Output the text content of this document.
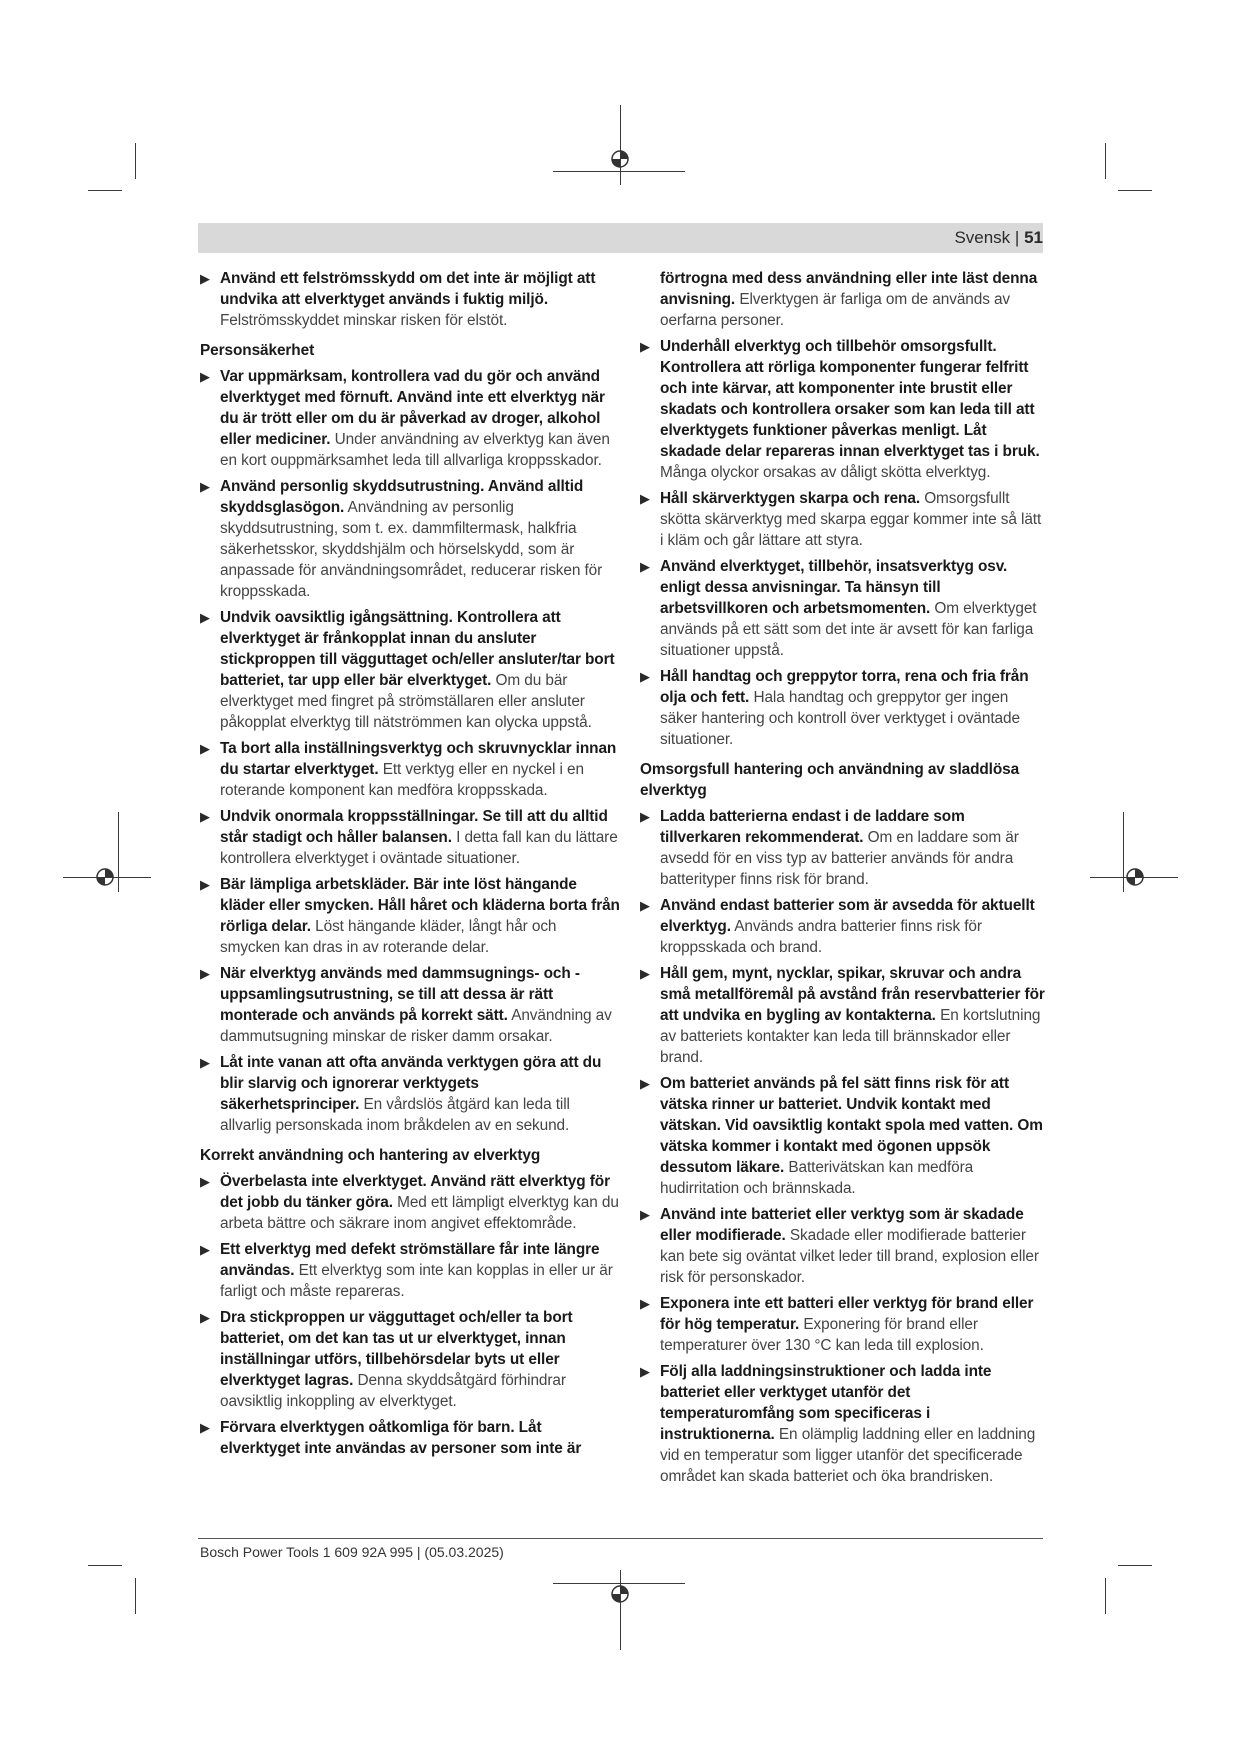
Svensk | 51
▶ Använd ett felströmsskydd om det inte är möjligt att undvika att elverktyget används i fuktig miljö. Felströmsskyddet minskar risken för elstöt.
Personsäkerhet
▶ Var uppmärksam, kontrollera vad du gör och använd elverktyget med förnuft. Använd inte ett elverktyg när du är trött eller om du är påverkad av droger, alkohol eller mediciner. Under användning av elverktyg kan även en kort ouppmärksamhet leda till allvarliga kroppsskador.
▶ Använd personlig skyddsutrustning. Använd alltid skyddsglasögon. Användning av personlig skyddsutrustning, som t. ex. dammfiltermask, halkfria säkerhetsskor, skyddshjälm och hörselskydd, som är anpassade för användningsområdet, reducerar risken för kroppsskada.
▶ Undvik oavsiktlig igångsättning. Kontrollera att elverktyget är frånkopplat innan du ansluter stickproppen till vägguttaget och/eller ansluter/tar bort batteriet, tar upp eller bär elverktyget. Om du bär elverktyget med fingret på strömställaren eller ansluter påkopplat elverktyg till nätströmmen kan olycka uppstå.
▶ Ta bort alla inställningsverktyg och skruvnycklar innan du startar elverktyget. Ett verktyg eller en nyckel i en roterande komponent kan medföra kroppsskada.
▶ Undvik onormala kroppsställningar. Se till att du alltid står stadigt och håller balansen. I detta fall kan du lättare kontrollera elverktyget i oväntade situationer.
▶ Bär lämpliga arbetskläder. Bär inte löst hängande kläder eller smycken. Håll håret och kläderna borta från rörliga delar. Löst hängande kläder, långt hår och smycken kan dras in av roterande delar.
▶ När elverktyg används med dammsugnings- och -uppsamlingsutrustning, se till att dessa är rätt monterade och används på korrekt sätt. Användning av dammutsugning minskar de risker damm orsakar.
▶ Låt inte vanan att ofta använda verktygen göra att du blir slarvig och ignorerar verktygets säkerhetsprinciper. En vårdslös åtgärd kan leda till allvarlig personskada inom bråkdelen av en sekund.
Korrekt användning och hantering av elverktyg
▶ Överbelasta inte elverktyget. Använd rätt elverktyg för det jobb du tänker göra. Med ett lämpligt elverktyg kan du arbeta bättre och säkrare inom angivet effektområde.
▶ Ett elverktyg med defekt strömställare får inte längre användas. Ett elverktyg som inte kan kopplas in eller ur är farligt och måste repareras.
▶ Dra stickproppen ur vägguttaget och/eller ta bort batteriet, om det kan tas ut ur elverktyget, innan inställningar utförs, tillbehörsdelar byts ut eller elverktyget lagras. Denna skyddsåtgärd förhindrar oavsiktlig inkoppling av elverktyget.
▶ Förvara elverktygen oåtkomliga för barn. Låt elverktyget inte användas av personer som inte är
förtrogna med dess användning eller inte läst denna anvisning. Elverktygen är farliga om de används av oerfarna personer.
▶ Underhåll elverktyg och tillbehör omsorgsfullt. Kontrollera att rörliga komponenter fungerar felfritt och inte kärvar, att komponenter inte brustit eller skadats och kontrollera orsaker som kan leda till att elverktygets funktioner påverkas menligt. Låt skadade delar repareras innan elverktyget tas i bruk. Många olyckor orsakas av dåligt skötta elverktyg.
▶ Håll skärverktygen skarpa och rena. Omsorgsfullt skötta skärverktyg med skarpa eggar kommer inte så lätt i kläm och går lättare att styra.
▶ Använd elverktyget, tillbehör, insatsverktyg osv. enligt dessa anvisningar. Ta hänsyn till arbetsvillkoren och arbetsmomenten. Om elverktyget används på ett sätt som det inte är avsett för kan farliga situationer uppstå.
▶ Håll handtag och greppytor torra, rena och fria från olja och fett. Hala handtag och greppytor ger ingen säker hantering och kontroll över verktyget i oväntade situationer.
Omsorgsfull hantering och användning av sladdlösa elverktyg
▶ Ladda batterierna endast i de laddare som tillverkaren rekommenderat. Om en laddare som är avsedd för en viss typ av batterier används för andra batterityper finns risk för brand.
▶ Använd endast batterier som är avsedda för aktuellt elverktyg. Används andra batterier finns risk för kroppsskada och brand.
▶ Håll gem, mynt, nycklar, spikar, skruvar och andra små metallföremål på avstånd från reservbatterier för att undvika en bygling av kontakterna. En kortslutning av batteriets kontakter kan leda till brännskador eller brand.
▶ Om batteriet används på fel sätt finns risk för att vätska rinner ur batteriet. Undvik kontakt med vätskan. Vid oavsiktlig kontakt spola med vatten. Om vätska kommer i kontakt med ögonen uppsök dessutom läkare. Batterivätskan kan medföra hudirritation och brännskada.
▶ Använd inte batteriet eller verktyg som är skadade eller modifierade. Skadade eller modifierade batterier kan bete sig oväntat vilket leder till brand, explosion eller risk för personskador.
▶ Exponera inte ett batteri eller verktyg för brand eller för hög temperatur. Exponering för brand eller temperaturer över 130 °C kan leda till explosion.
▶ Följ alla laddningsinstruktioner och ladda inte batteriet eller verktyget utanför det temperaturomfång som specificeras i instruktionerna. En olämplig laddning eller en laddning vid en temperatur som ligger utanför det specificerade området kan skada batteriet och öka brandrisken.
Bosch Power Tools 1 609 92A 995 | (05.03.2025)
